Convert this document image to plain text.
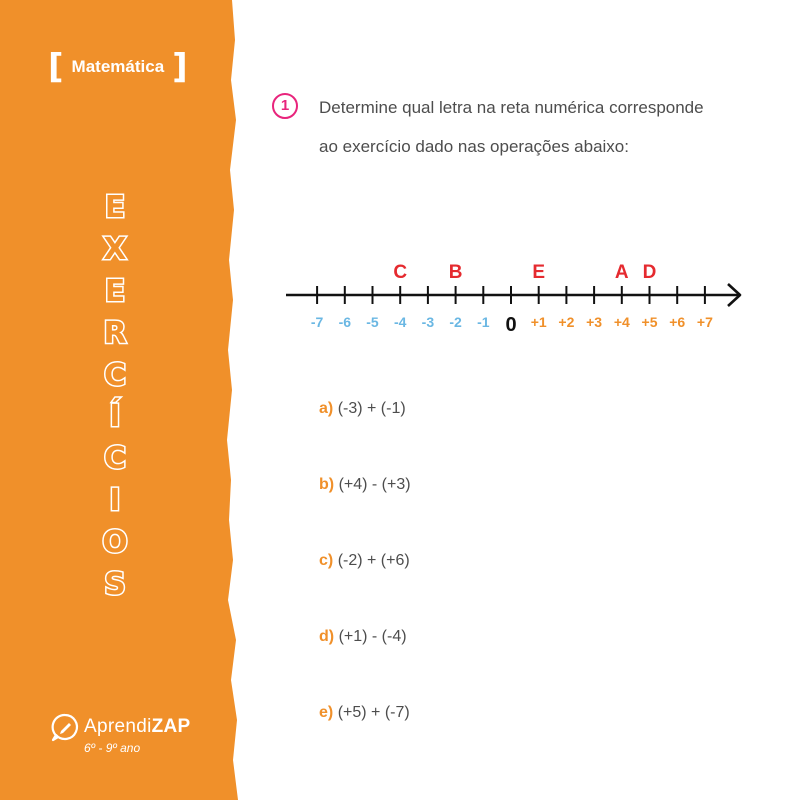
[ Matemática ]
E
X
E
R
C
Í
C
I
O
S
AprendiZAP
6º - 9º ano
1	Determine qual letra na reta numérica corresponde ao exercício dado nas operações abaixo:
-7 -6 -5 -4 -3 -2 -1 0 +1 +2 +3 +4 +5 +6 +7
C B	E	A D
a) (-3) + (-1)
b) (+4) - (+3)
c) (-2) + (+6)
d) (+1) - (-4)
e) (+5) + (-7)
